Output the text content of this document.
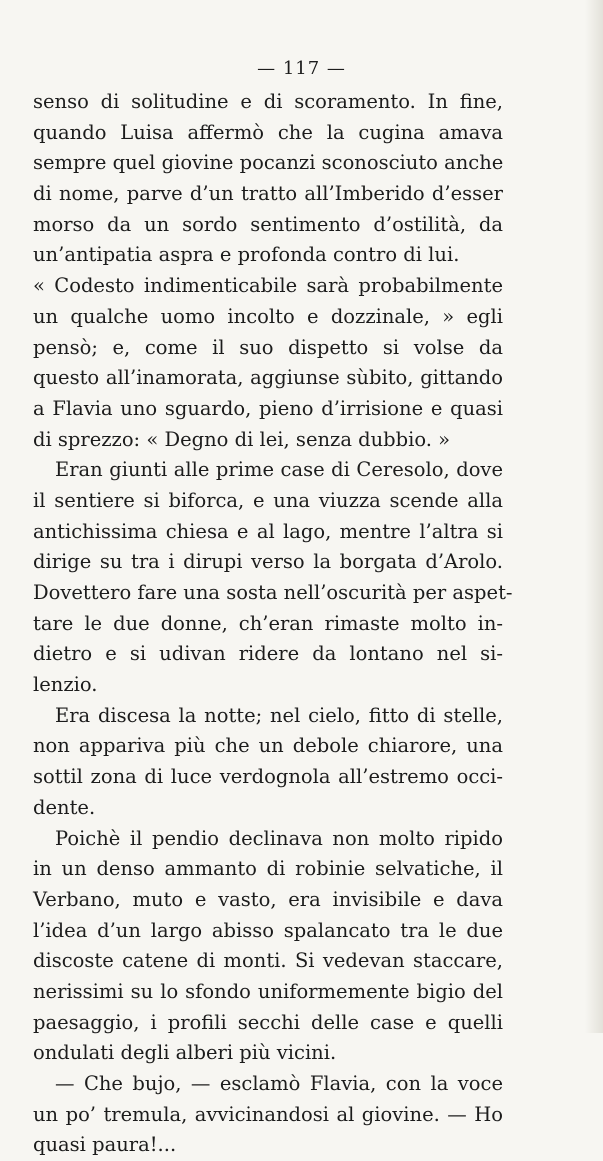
— 117 —
senso di solitudine e di scoramento. In fine,
quando Luisa affermò che la cugina amava
sempre quel giovine pocanzi sconosciuto anche
di nome, parve d’un tratto all’Imberido d’esser
morso da un sordo sentimento d’ostilità, da
un’antipatia aspra e profonda contro di lui.
« Codesto indimenticabile sarà probabilmente
un qualche uomo incolto e dozzinale, » egli
pensò; e, come il suo dispetto si volse da
questo all’inamorata, aggiunse sùbito, gittando
a Flavia uno sguardo, pieno d’irrisione e quasi
di sprezzo: « Degno di lei, senza dubbio. »
Eran giunti alle prime case di Ceresolo, dove
il sentiere si biforca, e una viuzza scende alla
antichissima chiesa e al lago, mentre l’altra si
dirige su tra i dirupi verso la borgata d’Arolo.
Dovettero fare una sosta nell’oscurità per aspet-
tare le due donne, ch’eran rimaste molto in-
dietro e si udivan ridere da lontano nel si-
lenzio.
Era discesa la notte; nel cielo, fitto di stelle,
non appariva più che un debole chiarore, una
sottil zona di luce verdognola all’estremo occi-
dente.
Poichè il pendio declinava non molto ripido
in un denso ammanto di robinie selvatiche, il
Verbano, muto e vasto, era invisibile e dava
l’idea d’un largo abisso spalancato tra le due
discoste catene di monti. Si vedevan staccare,
nerissimi su lo sfondo uniformemente bigio del
paesaggio, i profili secchi delle case e quelli
ondulati degli alberi più vicini.
— Che bujo, — esclamò Flavia, con la voce
un po’ tremula, avvicinandosi al giovine. — Ho
quasi paura!...
